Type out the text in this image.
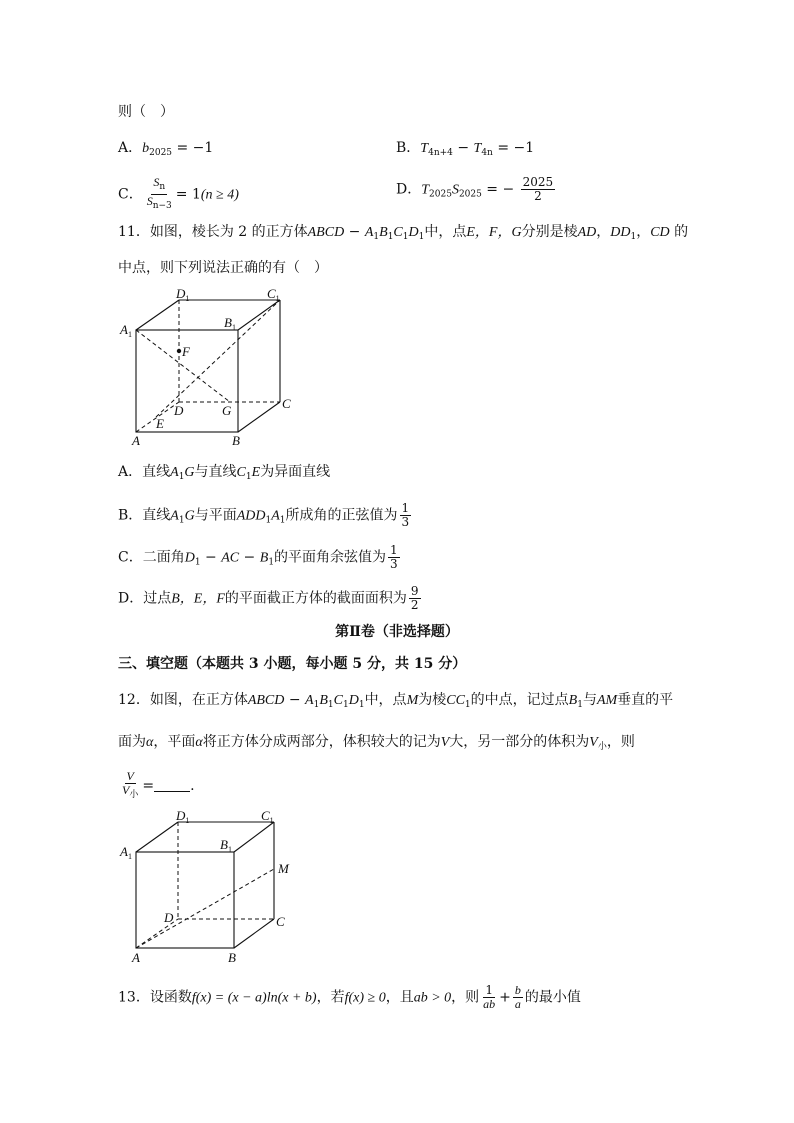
则（　）
A．$b_{2025} = -1$	B．$T_{4n+4} - T_{4n} = -1$
C． $\frac{S_n}{S_{n-3}} = 1(n \ge 4)$	D．$T_{2025}S_{2025}$ = − $\frac{2025}{2}$
11．如图，棱长为 2 的正方体ABCD − $A_1B_1C_1D_1$中，点E，F，G分别是棱AD，$DD_1$，CD 的
中点，则下列说法正确的有（　）
$D_1$	$C_1$
$A_1$
$B_1$
F
D	G	C
E
A	B
A．直线$A_1G$与直线$C_1E$为异面直线
B．直线$A_1G$与平面$ADD_1A_1$所成角的正弦值为 $\frac{1}{3}$
C．二面角$D_1$ − AC − $B_1$的平面角余弦值为 $\frac{1}{3}$
D．过点B，E，F的平面截正方体的截面面积为 $\frac{9}{2}$
第Ⅱ卷（非选择题）
三、填空题（本题共 3 小题，每小题 5 分，共 15 分）
12．如图，在正方体ABCD − $A_1B_1C_1D_1$中，点M为棱$CC_1$的中点，记过点$B_1$与AM垂直的平
面为α，平面α将正方体分成两部分，体积较大的记为V大，另一部分的体积为$V_小$，则
$\frac{V}{V_小}$ =	.
$D_1$	$C_1$
$A_1$
$B_1$
M
D	C
A	B
13．设函数f(x) = (x − a)ln(x + b)，若f(x) ≥ 0，且ab > 0，则 $\frac{1}{ab} + \frac{b}{a}$ 的最小值
